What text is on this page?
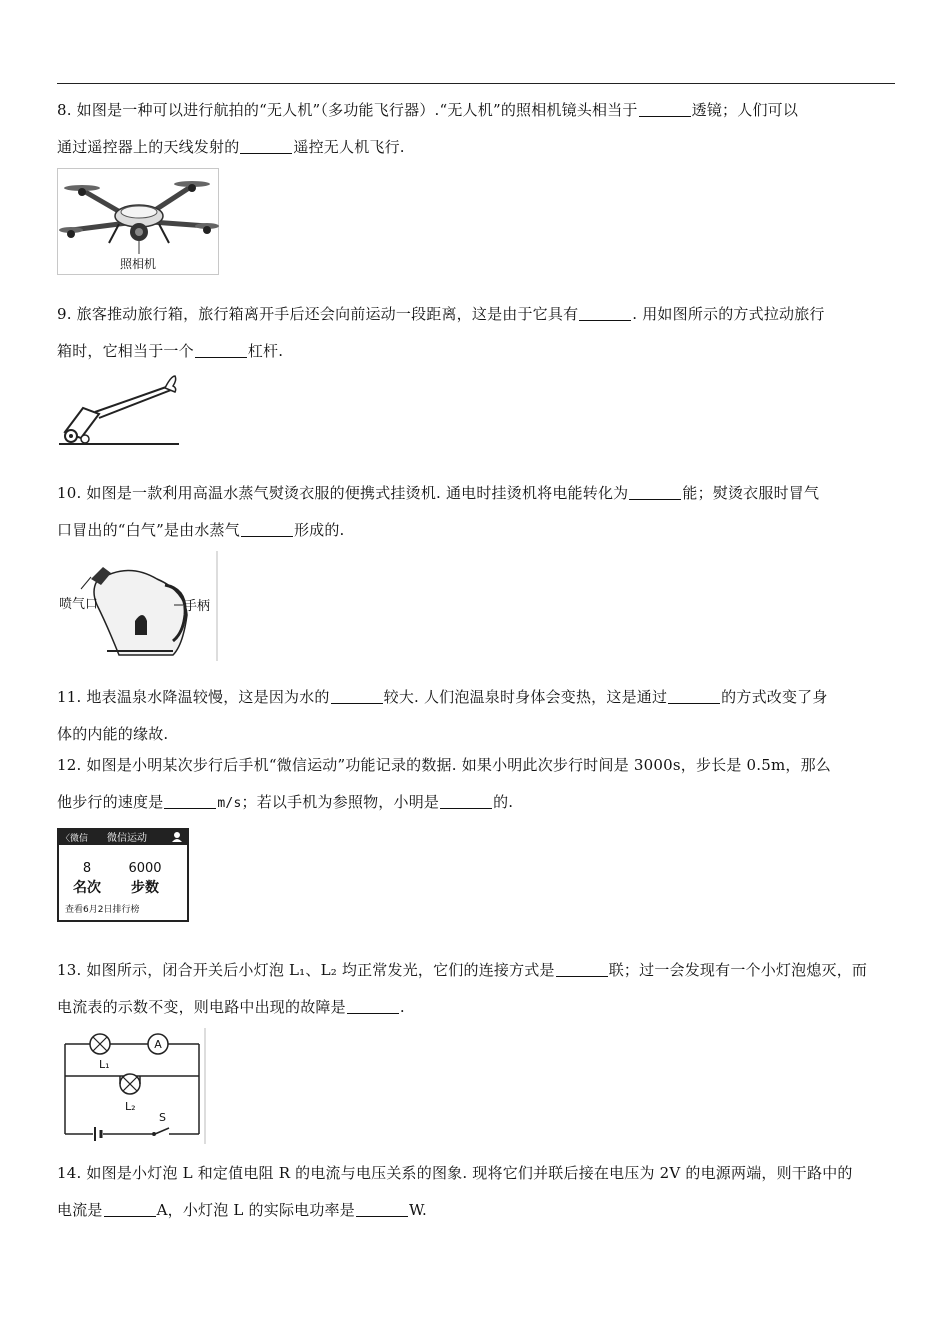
8. 如图是一种可以进行航拍的“无人机”（多功能飞行器）.“无人机”的照相机镜头相当于	透镜；人们可以
通过遥控器上的天线发射的	遥控无人机飞行.
照相机
9. 旅客推动旅行箱，旅行箱离开手后还会向前运动一段距离，这是由于它具有	. 用如图所示的方式拉动旅行
箱时，它相当于一个	杠杆.
10. 如图是一款利用高温水蒸气熨烫衣服的便携式挂烫机. 通电时挂烫机将电能转化为	能；熨烫衣服时冒气
口冒出的“白气”是由水蒸气	形成的.
喷气口	手柄
11. 地表温泉水降温较慢，这是因为水的	较大. 人们泡温泉时身体会变热，这是通过	的方式改变了身
体的内能的缘故.
12. 如图是小明某次步行后手机“微信运动”功能记录的数据. 如果小明此次步行时间是 3000s，步长是 0.5m，那么
他步行的速度是	m/s；若以手机为参照物，小明是	的.
〈微信 微信运动
8	6000
名次 步数
查看6月2日排行榜
13. 如图所示，闭合开关后小灯泡 L₁、L₂ 均正常发光，它们的连接方式是	联；过一会发现有一个小灯泡熄灭，而
电流表的示数不变，则电路中出现的故障是	.
A
L₁
L₂
S
14. 如图是小灯泡 L 和定值电阻 R 的电流与电压关系的图象. 现将它们并联后接在电压为 2V 的电源两端，则干路中的
电流是	A，小灯泡 L 的实际电功率是	W.
